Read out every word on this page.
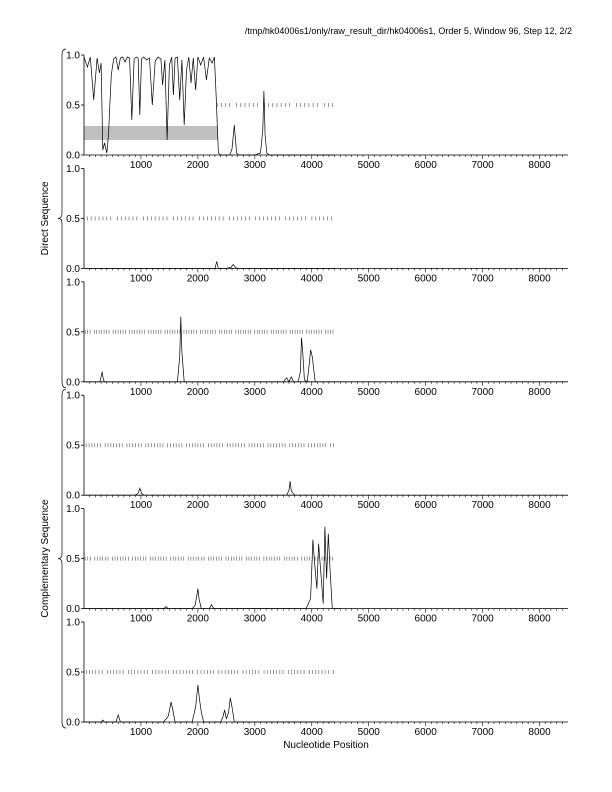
/tmp/hk04006s1/only/raw_result_dir/hk04006s1, Order 5, Window 96, Step 12, 2/2
0.0
0.5
1.0
1000	2000	3000	4000	5000	6000	7000	8000
0.0
0.5
1.0
1000	2000	3000	4000	5000	6000	7000	8000
0.0
0.5
1.0
1000	2000	3000	4000	5000	6000	7000	8000
0.0
0.5
1.0
1000	2000	3000	4000	5000	6000	7000	8000
0.0
0.5
1.0
1000	2000	3000	4000	5000	6000	7000	8000
0.0
0.5
1.0
1000	2000	3000	4000	5000	6000	7000	8000
Direct Sequence
Complementary Sequence
Nucleotide Position
